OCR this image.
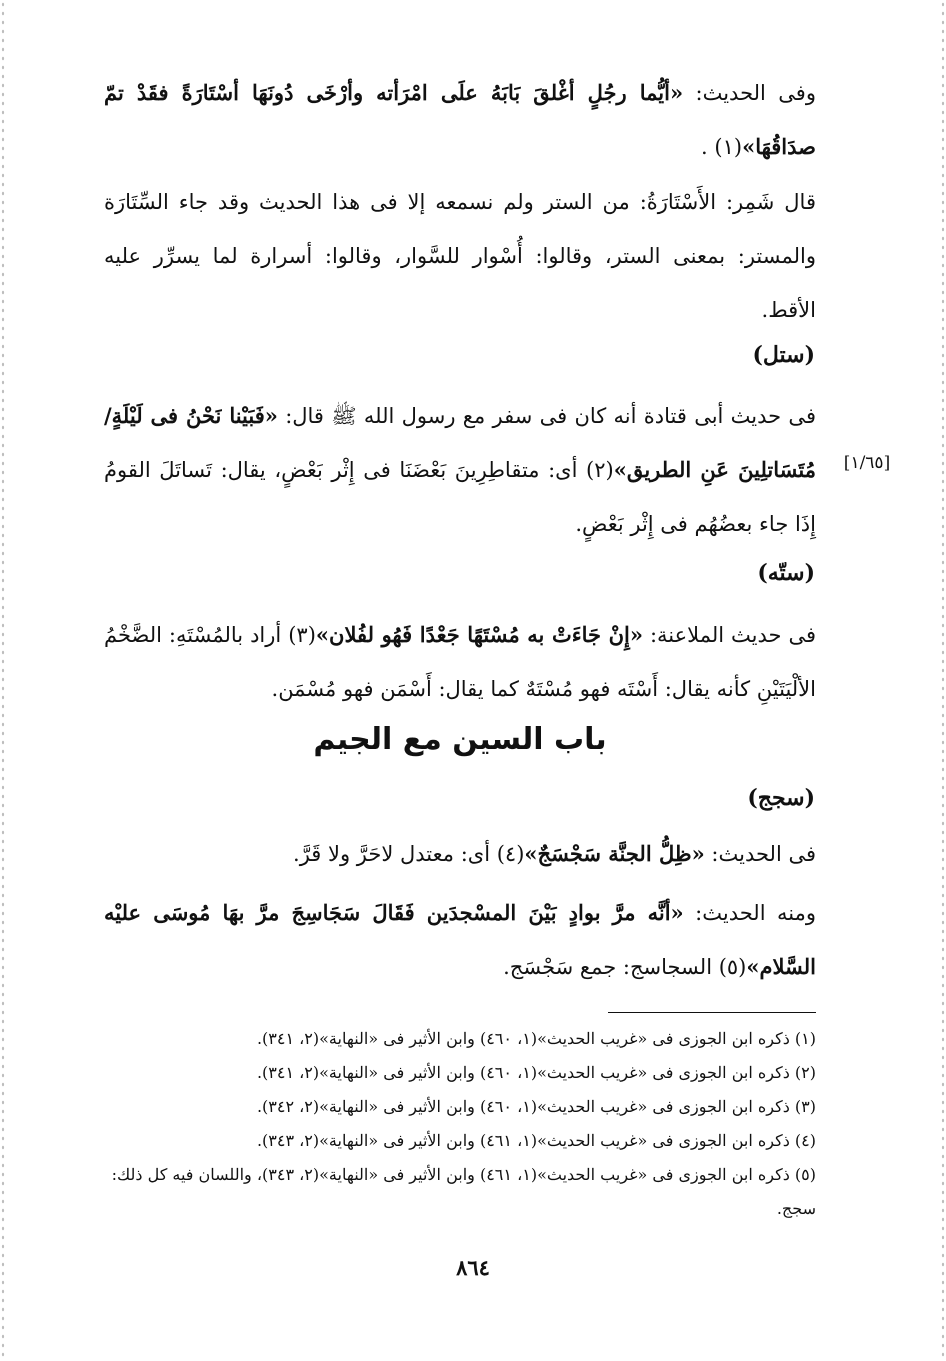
وفى الحديث: «أيُّما رجُلٍ أغْلقَ بَابَهُ علَى امْرَأته وأرْخَى دُونَهَا أسْتَارَةً فقَدْ تمّ صدَاقُهَا»(١) .

قال شَمِر: الأَسْتَارَةُ: من الستر ولم نسمعه إلا فى هذا الحديث وقد جاء السِّتَارَة والمستر: بمعنى الستر، وقالوا: أُسْوار للسَّوار، وقالوا: أسرارة لما يسرِّر عليه الأقط.

(ستل)

فى حديث أبى قتادة أنه كان فى سفر مع رسول الله ﷺ قال: «فَبَيْنا نَحْنُ فى لَيْلَةٍ/ مُتَسَاتلِينَ عَنِ الطريق»(٢) أى: متقاطِرِينَ بَعْضَنَا فى إِثْر بَعْضٍ، يقال: تَساتَلَ القومُ إِذَا جاء بعضُهُم فى إِثْر بَعْضٍ.

[١/٦٥]
(ستّه)

فى حديث الملاعنة: «إِنْ جَاءَتْ به مُسْتَهًا جَعْدًا فَهُو لفُلان»(٣) أراد بالمُسْتَهِ: الضَّخْمُ الألْيَتَيْنِ كأنه يقال: أَسْتَه فهو مُسْتَهٌ كما يقال: أَسْمَن فهو مُسْمَن.

باب السين مع الجيم
(سجج)

فى الحديث: «ظِلُّ الجنَّة سَجْسَجٌ»(٤) أى: معتدل لاحَرَّ ولا قَرَّ.

ومنه الحديث: «أنَّه مرَّ بوادٍ بَيْنَ المسْجدَين فَقَالَ سَجَاسِجَ مرَّ بهَا مُوسَى عليْه السَّلام»(٥) السجاسج: جمع سَجْسَج.

(١) ذكره ابن الجوزى فى «غريب الحديث»(١، ٤٦٠) وابن الأثير فى «النهاية»(٢، ٣٤١).

(٢) ذكره ابن الجوزى فى «غريب الحديث»(١، ٤٦٠) وابن الأثير فى «النهاية»(٢، ٣٤١).

(٣) ذكره ابن الجوزى فى «غريب الحديث»(١، ٤٦٠) وابن الأثير فى «النهاية»(٢، ٣٤٢).

(٤) ذكره ابن الجوزى فى «غريب الحديث»(١، ٤٦١) وابن الأثير فى «النهاية»(٢، ٣٤٣).

(٥) ذكره ابن الجوزى فى «غريب الحديث»(١، ٤٦١) وابن الأثير فى «النهاية»(٢، ٣٤٣)، واللسان فيه كل ذلك: سجج.

٨٦٤
